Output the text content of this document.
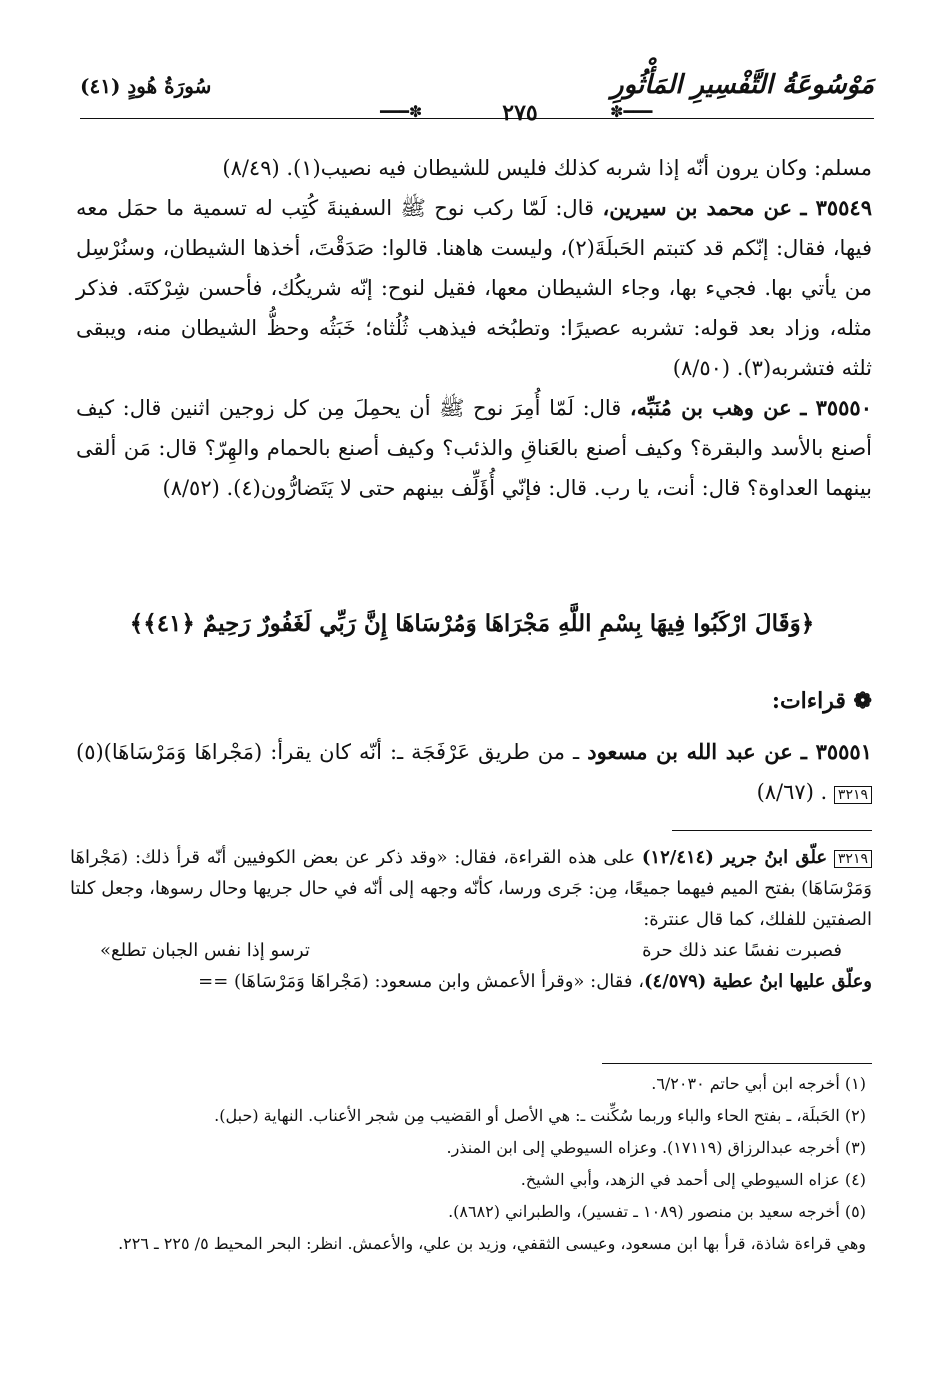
مَوْسُوعَةُ التَّفْسِيرِ المَأْثُورِ
سُورَةُ هُودٍ (٤١)
✽━━━	٢٧٥	━━━✽
مسلم: وكان يرون أنّه إذا شربه كذلك فليس للشيطان فيه نصيب(١). (٨/٤٩)
٣٥٥٤٩ ـ عن محمد بن سيرين، قال: لَمّا ركب نوح ﷺ السفينةَ كُتِب له تسمية ما حمَل معه فيها، فقال: إنّكم قد كتبتم الحَبلَةَ(٢)، وليست هاهنا. قالوا: صَدَقْتَ، أخذها الشيطان، وسنُرْسِل من يأتي بها. فجيء بها، وجاء الشيطان معها، فقيل لنوح: إنّه شريكُك، فأحسن شِرْكتَه. فذكر مثله، وزاد بعد قوله: تشربه عصيرًا: وتطبُخه فيذهب ثُلُثاه؛ خَبَثُه وحظُّ الشيطان منه، ويبقى ثلثه فتشربه(٣). (٨/٥٠)
٣٥٥٥٠ ـ عن وهب بن مُنَبِّه، قال: لَمّا أُمِرَ نوح ﷺ أن يحمِلَ مِن كل زوجين اثنين قال: كيف أصنع بالأسد والبقرة؟ وكيف أصنع بالعَناقِ والذئب؟ وكيف أصنع بالحمام والهِرّ؟ قال: مَن ألقى بينهما العداوة؟ قال: أنت، يا رب. قال: فإنّي أُؤَلِّف بينهم حتى لا يَتَضارُّون(٤). (٨/٥٢)
﴿وَقَالَ ارْكَبُوا فِيهَا بِسْمِ اللَّهِ مَجْرَاهَا وَمُرْسَاهَا إِنَّ رَبِّي لَغَفُورٌ رَحِيمٌ ﴿٤١﴾﴾
❁ قراءات:
٣٥٥٥١ ـ عن عبد الله بن مسعود ـ من طريق عَرْفَجَة ـ: أنّه كان يقرأ: (مَجْراهَا وَمَرْسَاهَا)(٥) ٣٢١٩ . (٨/٦٧)
٣٢١٩ علّق ابنُ جرير (١٢/٤١٤) على هذه القراءة، فقال: «وقد ذكر عن بعض الكوفيين أنّه قرأ ذلك: (مَجْراهَا وَمَرْسَاهَا) بفتح الميم فيهما جميعًا، مِن: جَرى ورسا، كأنّه وجهه إلى أنّه في حال جريها وحال رسوها، وجعل كلتا الصفتين للفلك، كما قال عنترة:
فصبرت نفسًا عند ذلك حرة
ترسو إذا نفس الجبان تطلع»
وعلّق عليها ابنُ عطية (٤/٥٧٩)، فقال: «وقرأ الأعمش وابن مسعود: (مَجْراهَا وَمَرْسَاهَا) ==

(١) أخرجه ابن أبي حاتم ٦/٢٠٣٠.

(٢) الحَبلَة، ـ بفتح الحاء والباء وربما سُكِّنت ـ: هي الأصل أو القضيب مِن شجر الأعناب. النهاية (حبل).

(٣) أخرجه عبدالرزاق (١٧١١٩). وعزاه السيوطي إلى ابن المنذر.

(٤) عزاه السيوطي إلى أحمد في الزهد، وأبي الشيخ.

(٥) أخرجه سعيد بن منصور (١٠٨٩ ـ تفسير)، والطبراني (٨٦٨٢).

وهي قراءة شاذة، قرأ بها ابن مسعود، وعيسى الثقفي، وزيد بن علي، والأعمش. انظر: البحر المحيط ٥/ ٢٢٥ ـ ٢٢٦.
